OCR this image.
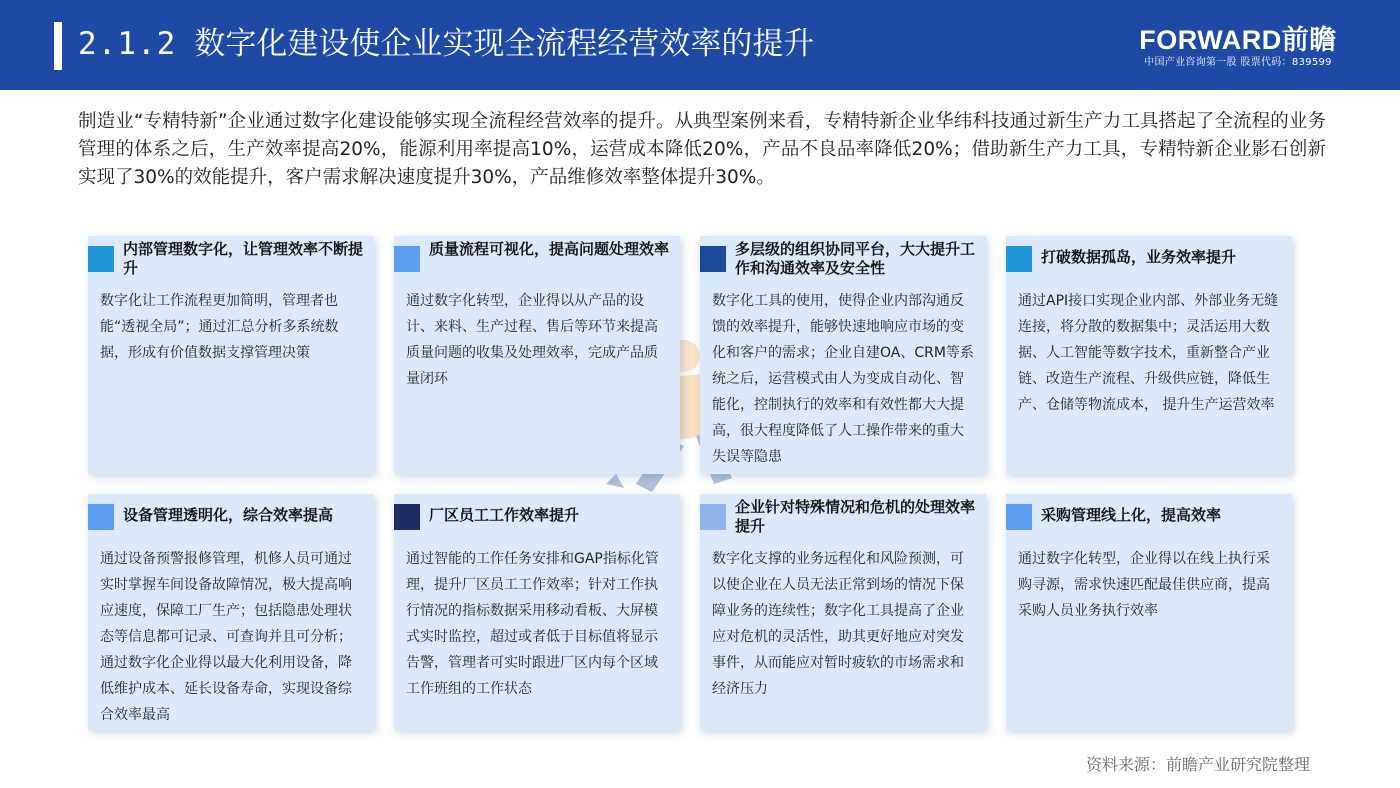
2.1.2 数字化建设使企业实现全流程经营效率的提升	FORWARD前瞻
中国产业咨询第一股 股票代码：839599
制造业“专精特新”企业通过数字化建设能够实现全流程经营效率的提升。从典型案例来看，专精特新企业华纬科技通过新生产力工具搭起了全流程的业务管理的体系之后，生产效率提高20%，能源利用率提高10%，运营成本降低20%，产品不良品率降低20%；借助新生产力工具，专精特新企业影石创新实现了30%的效能提升，客户需求解决速度提升30%，产品维修效率整体提升30%。
内部管理数字化，让管理效率不断提升
数字化让工作流程更加简明，管理者也能“透视全局”；通过汇总分析多系统数据，形成有价值数据支撑管理决策
质量流程可视化，提高问题处理效率
通过数字化转型，企业得以从产品的设计、来料、生产过程、售后等环节来提高质量问题的收集及处理效率，完成产品质量闭环
多层级的组织协同平台，大大提升工作和沟通效率及安全性
数字化工具的使用，使得企业内部沟通反馈的效率提升，能够快速地响应市场的变化和客户的需求；企业自建OA、CRM等系统之后，运营模式由人为变成自动化、智能化，控制执行的效率和有效性都大大提高，很大程度降低了人工操作带来的重大失误等隐患
打破数据孤岛，业务效率提升
通过API接口实现企业内部、外部业务无缝连接，将分散的数据集中；灵活运用大数据、人工智能等数字技术，重新整合产业链、改造生产流程、升级供应链，降低生产、仓储等物流成本， 提升生产运营效率
设备管理透明化，综合效率提高
通过设备预警报修管理，机修人员可通过实时掌握车间设备故障情况，极大提高响应速度，保障工厂生产；包括隐患处理状态等信息都可记录、可查询并且可分析；通过数字化企业得以最大化利用设备，降低维护成本、延长设备寿命，实现设备综合效率最高
厂区员工工作效率提升
通过智能的工作任务安排和GAP指标化管理，提升厂区员工工作效率；针对工作执行情况的指标数据采用移动看板、大屏模式实时监控，超过或者低于目标值将显示告警，管理者可实时跟进厂区内每个区域工作班组的工作状态
企业针对特殊情况和危机的处理效率提升
数字化支撑的业务远程化和风险预测，可以使企业在人员无法正常到场的情况下保障业务的连续性；数字化工具提高了企业应对危机的灵活性，助其更好地应对突发事件，从而能应对暂时疲软的市场需求和经济压力
采购管理线上化，提高效率
通过数字化转型，企业得以在线上执行采购寻源，需求快速匹配最佳供应商，提高采购人员业务执行效率
资料来源：前瞻产业研究院整理
